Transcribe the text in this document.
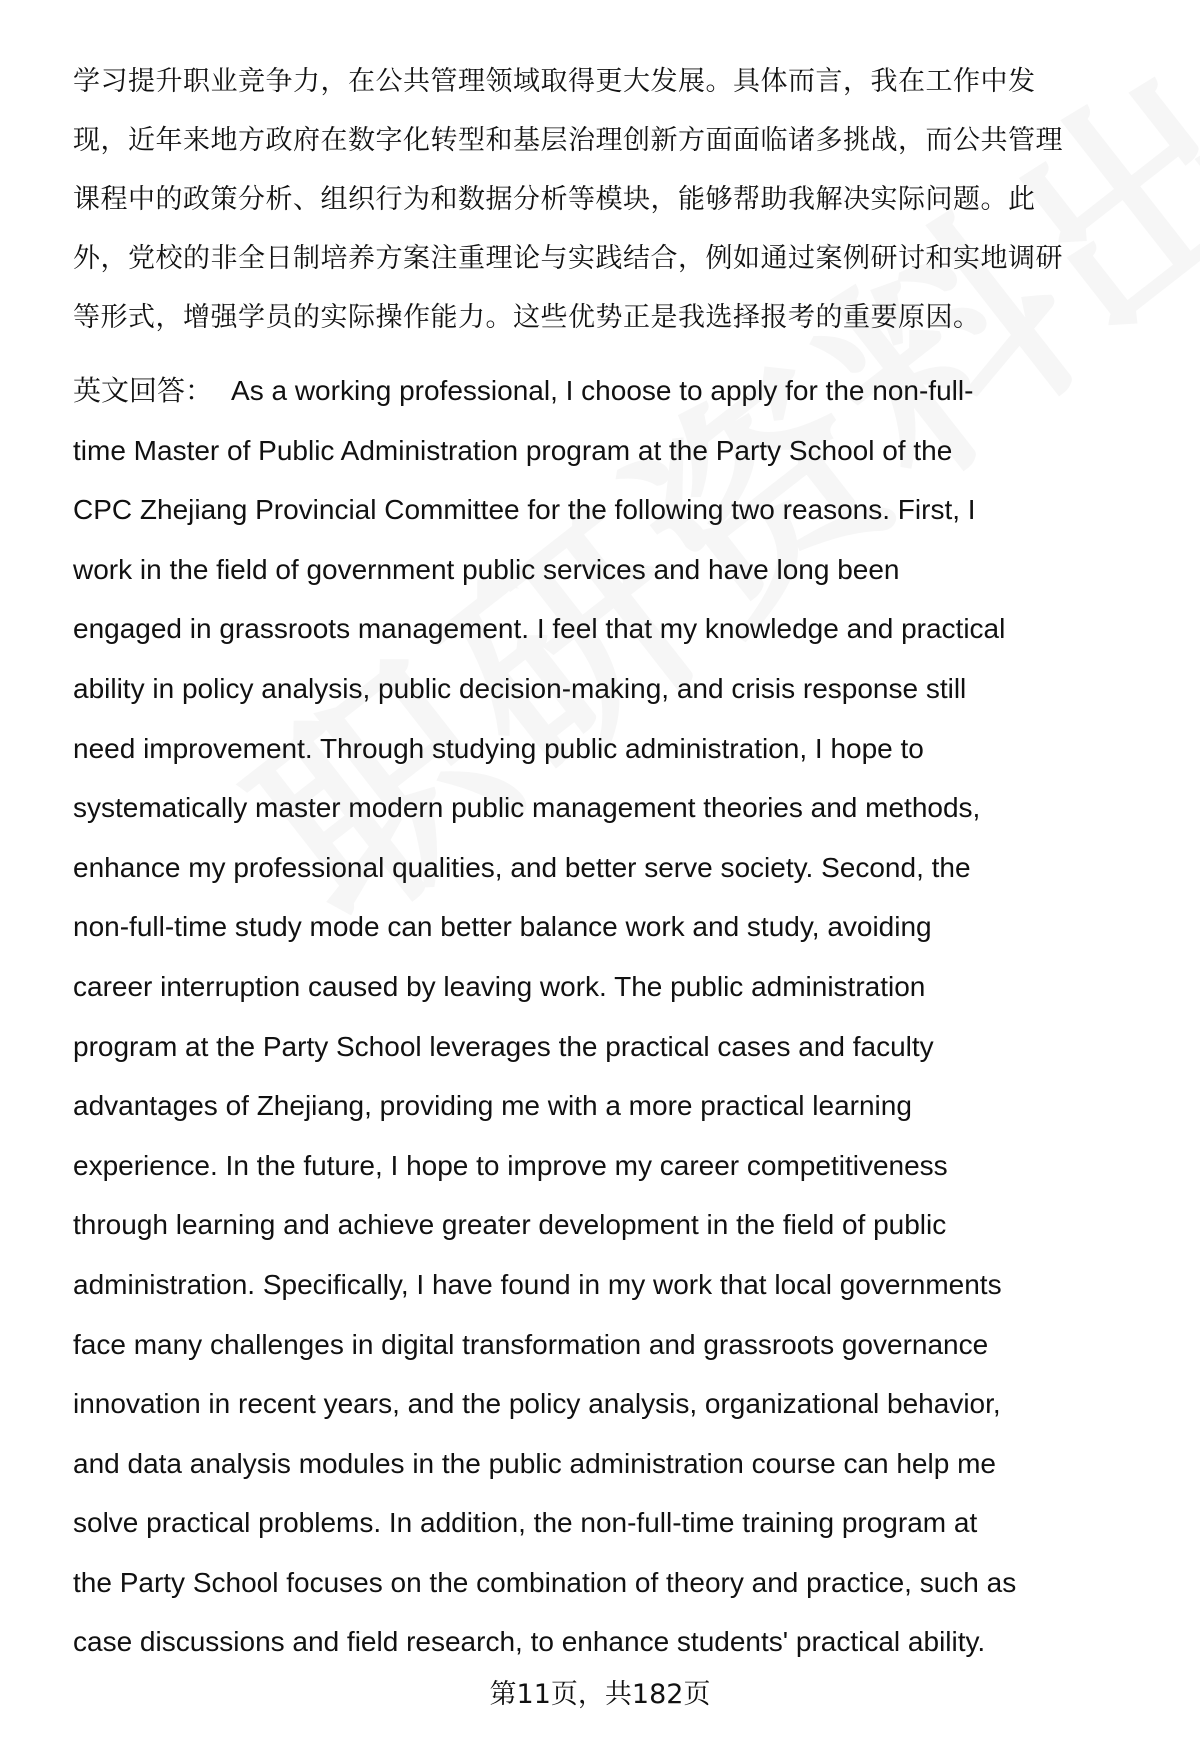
学习提升职业竞争力，在公共管理领域取得更大发展。具体而言，我在工作中发
现，近年来地方政府在数字化转型和基层治理创新方面面临诸多挑战，而公共管理
课程中的政策分析、组织行为和数据分析等模块，能够帮助我解决实际问题。此
外，党校的非全日制培养方案注重理论与实践结合，例如通过案例研讨和实地调研
等形式，增强学员的实际操作能力。这些优势正是我选择报考的重要原因。

英文回答： As a working professional, I choose to apply for the non-full-
time Master of Public Administration program at the Party School of the
CPC Zhejiang Provincial Committee for the following two reasons. First, I
work in the field of government public services and have long been
engaged in grassroots management. I feel that my knowledge and practical
ability in policy analysis, public decision-making, and crisis response still
need improvement. Through studying public administration, I hope to
systematically master modern public management theories and methods,
enhance my professional qualities, and better serve society. Second, the
non-full-time study mode can better balance work and study, avoiding
career interruption caused by leaving work. The public administration
program at the Party School leverages the practical cases and faculty
advantages of Zhejiang, providing me with a more practical learning
experience. In the future, I hope to improve my career competitiveness
through learning and achieve greater development in the field of public
administration. Specifically, I have found in my work that local governments
face many challenges in digital transformation and grassroots governance
innovation in recent years, and the policy analysis, organizational behavior,
and data analysis modules in the public administration course can help me
solve practical problems. In addition, the non-full-time training program at
the Party School focuses on the combination of theory and practice, such as
case discussions and field research, to enhance students' practical ability.

第11页，共182页
